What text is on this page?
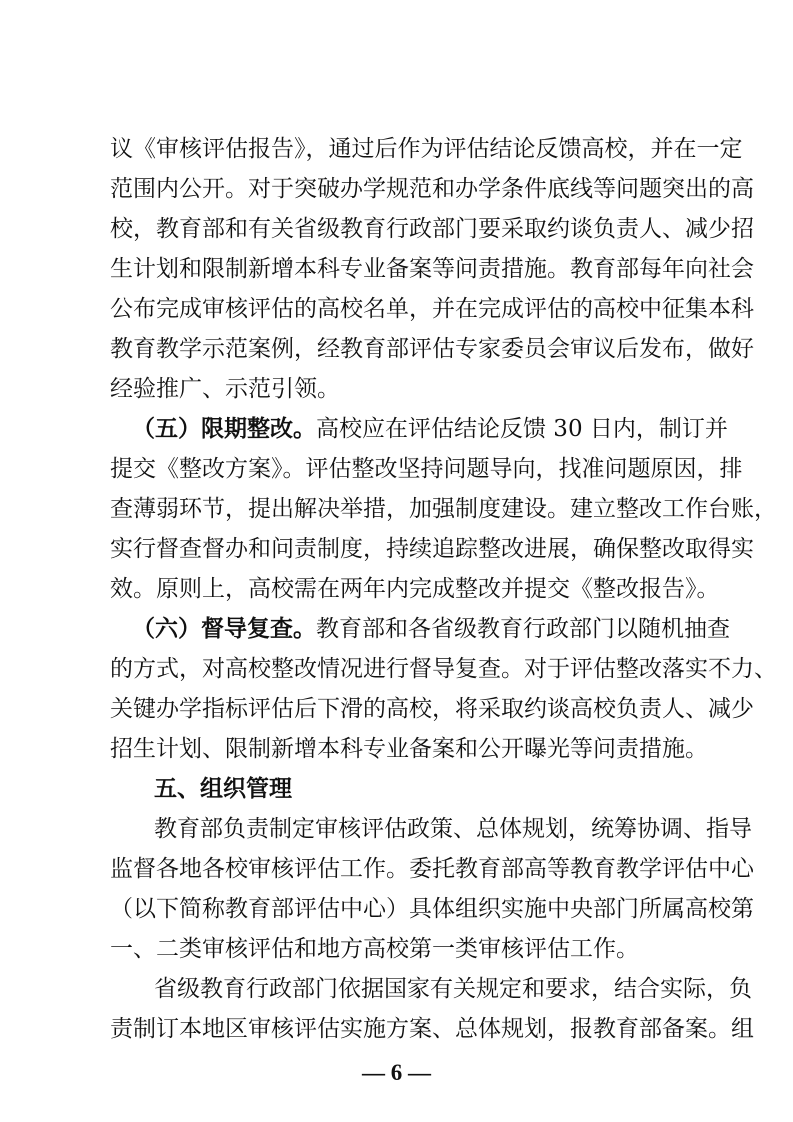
议《审核评估报告》，通过后作为评估结论反馈高校，并在一定
范围内公开。对于突破办学规范和办学条件底线等问题突出的高
校，教育部和有关省级教育行政部门要采取约谈负责人、减少招
生计划和限制新增本科专业备案等问责措施。教育部每年向社会
公布完成审核评估的高校名单，并在完成评估的高校中征集本科
教育教学示范案例，经教育部评估专家委员会审议后发布，做好
经验推广、示范引领。
（五）限期整改。高校应在评估结论反馈 30 日内，制订并
提交《整改方案》。评估整改坚持问题导向，找准问题原因，排
查薄弱环节，提出解决举措，加强制度建设。建立整改工作台账，
实行督查督办和问责制度，持续追踪整改进展，确保整改取得实
效。原则上，高校需在两年内完成整改并提交《整改报告》。
（六）督导复查。教育部和各省级教育行政部门以随机抽查
的方式，对高校整改情况进行督导复查。对于评估整改落实不力、
关键办学指标评估后下滑的高校，将采取约谈高校负责人、减少
招生计划、限制新增本科专业备案和公开曝光等问责措施。
五、组织管理
教育部负责制定审核评估政策、总体规划，统筹协调、指导
监督各地各校审核评估工作。委托教育部高等教育教学评估中心
（以下简称教育部评估中心）具体组织实施中央部门所属高校第
一、二类审核评估和地方高校第一类审核评估工作。
省级教育行政部门依据国家有关规定和要求，结合实际，负
责制订本地区审核评估实施方案、总体规划，报教育部备案。组
— 6 —
